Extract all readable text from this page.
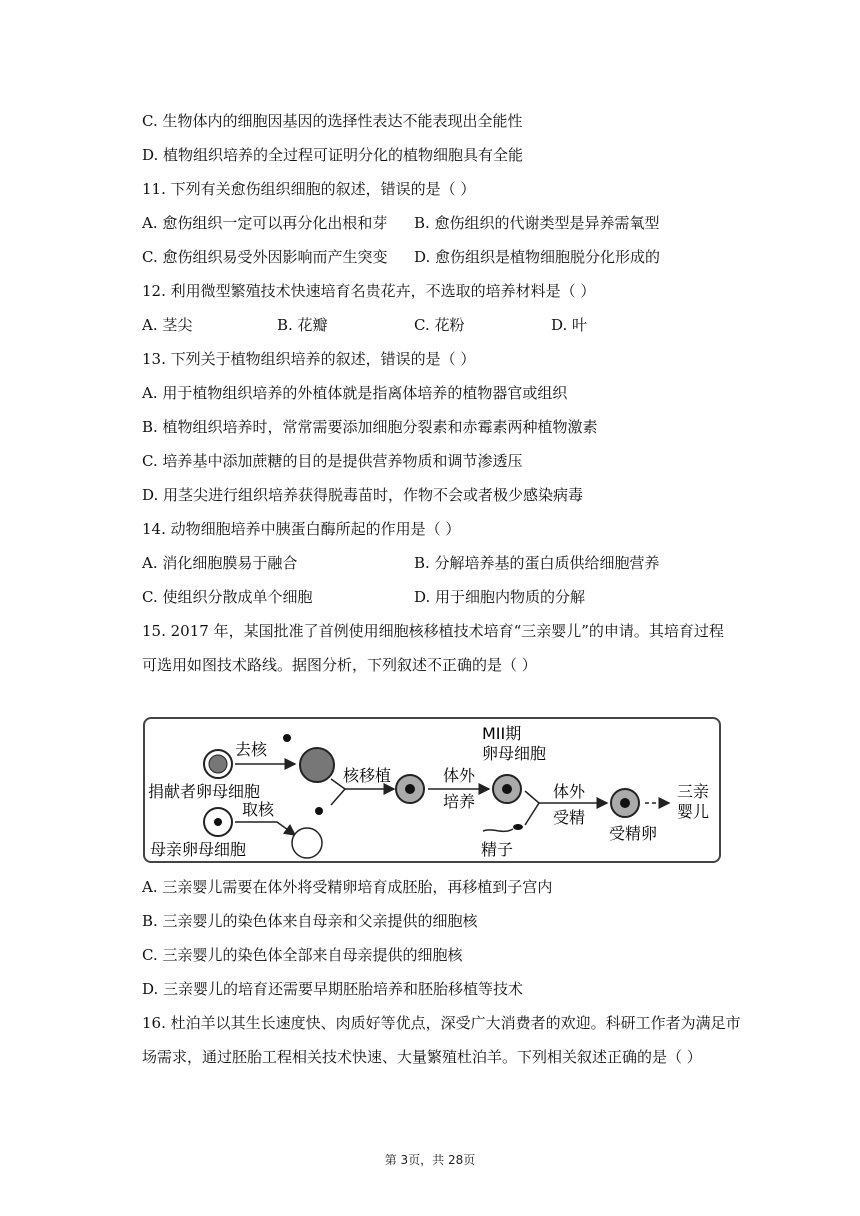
C. 生物体内的细胞因基因的选择性表达不能表现出全能性
D. 植物组织培养的全过程可证明分化的植物细胞具有全能
11. 下列有关愈伤组织细胞的叙述，错误的是（ ）
A. 愈伤组织一定可以再分化出根和芽 B. 愈伤组织的代谢类型是异养需氧型
C. 愈伤组织易受外因影响而产生突变 D. 愈伤组织是植物细胞脱分化形成的
12. 利用微型繁殖技术快速培育名贵花卉，不选取的培养材料是（ ）
A. 茎尖	B. 花瓣	C. 花粉	D. 叶
13. 下列关于植物组织培养的叙述，错误的是（ ）
A. 用于植物组织培养的外植体就是指离体培养的植物器官或组织
B. 植物组织培养时，常常需要添加细胞分裂素和赤霉素两种植物激素
C. 培养基中添加蔗糖的目的是提供营养物质和调节渗透压
D. 用茎尖进行组织培养获得脱毒苗时，作物不会或者极少感染病毒
14. 动物细胞培养中胰蛋白酶所起的作用是（ ）
A. 消化细胞膜易于融合	B. 分解培养基的蛋白质供给细胞营养
C. 使组织分散成单个细胞	D. 用于细胞内物质的分解
15. 2017 年，某国批准了首例使用细胞核移植技术培育“三亲婴儿”的申请。其培育过程
可选用如图技术路线。据图分析，下列叙述不正确的是（ ）
去核
捐献者卵母细胞
取核
母亲卵母细胞
核移植	体外
培养
MII期
卵母细胞
精子
体外
受精
受精卵
三亲
婴儿
A. 三亲婴儿需要在体外将受精卵培育成胚胎，再移植到子宫内
B. 三亲婴儿的染色体来自母亲和父亲提供的细胞核
C. 三亲婴儿的染色体全部来自母亲提供的细胞核
D. 三亲婴儿的培育还需要早期胚胎培养和胚胎移植等技术
16. 杜泊羊以其生长速度快、肉质好等优点，深受广大消费者的欢迎。科研工作者为满足市
场需求，通过胚胎工程相关技术快速、大量繁殖杜泊羊。下列相关叙述正确的是（ ）
第 3页，共 28页
